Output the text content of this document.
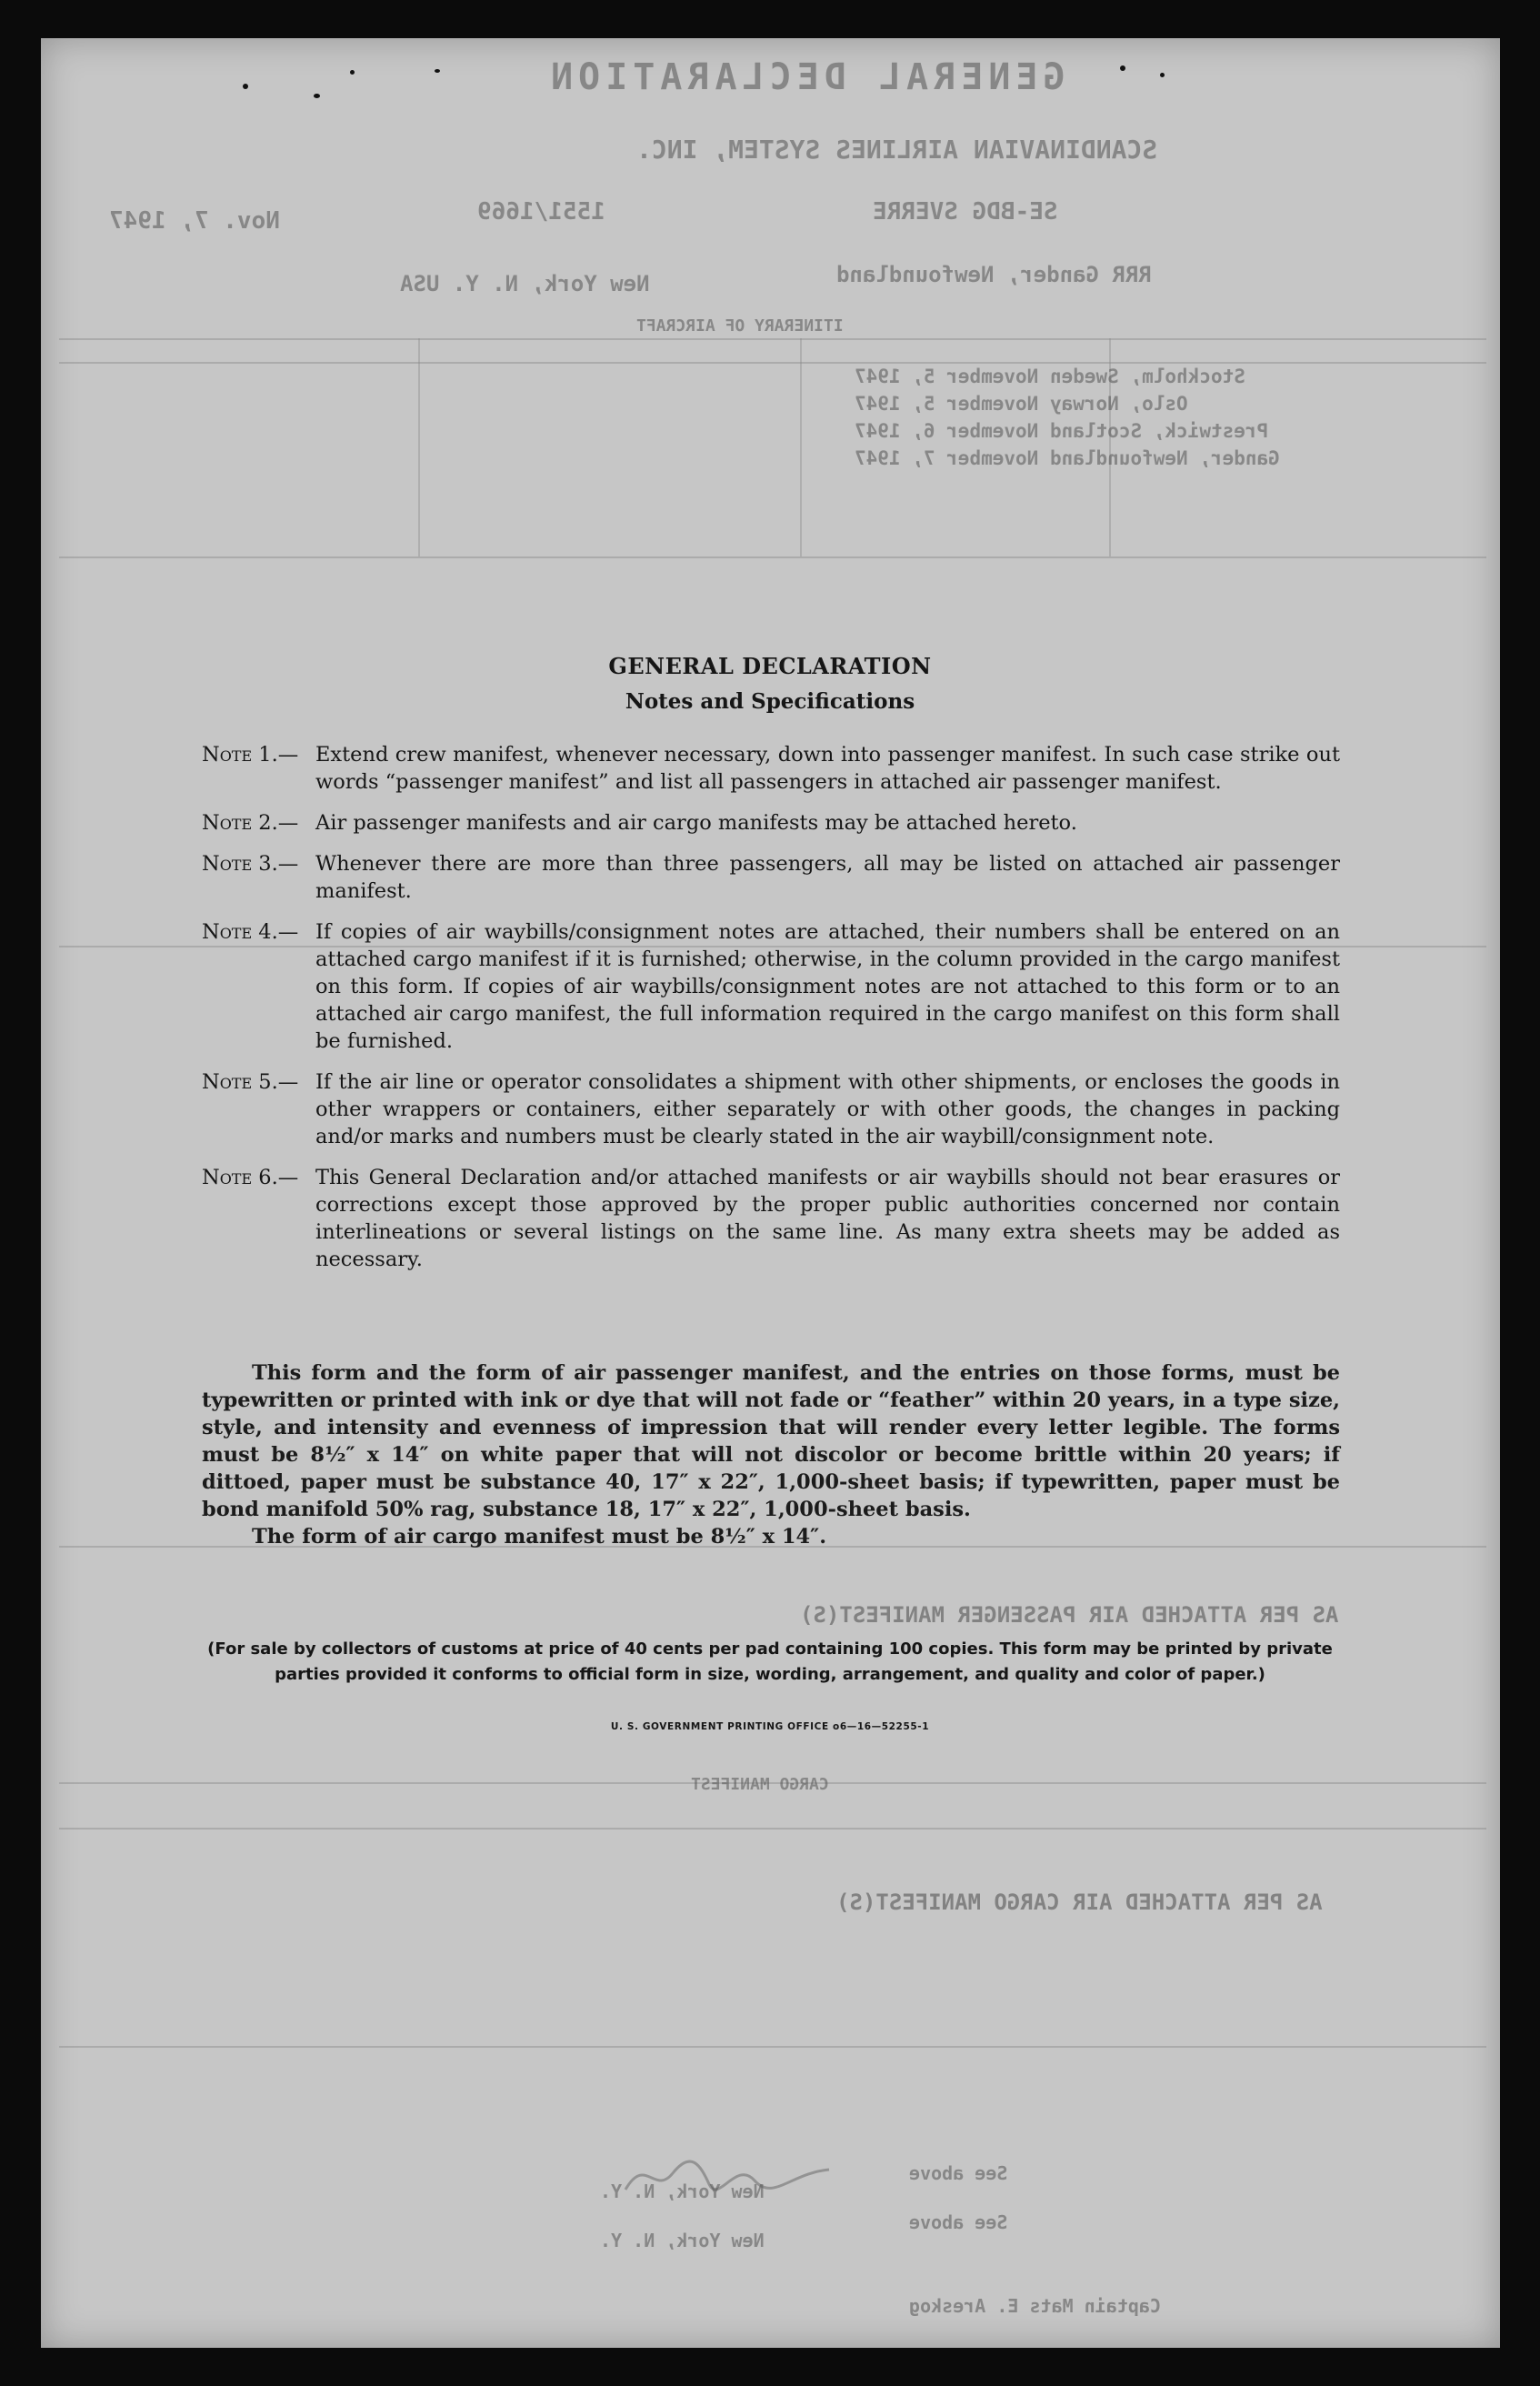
GENERAL DECLARATION
SCANDINAVIAN AIRLINES SYSTEM, INC.
SE-BDG SVERRE
1551/1669
Nov. 7, 1947
RRR Gander, Newfoundland
New York, N. Y. USA
ITINERARY OF AIRCRAFT
Stockholm, Sweden November 5, 1947
Oslo, Norway November 5, 1947
Prestwick, Scotland November 6, 1947
Gander, Newfoundland November 7, 1947
AS PER ATTACHED AIR PASSENGER MANIFEST(S)
CARGO MANIFEST
AS PER ATTACHED AIR CARGO MANIFEST(S)
See above
New York, N. Y.
See above
New York, N. Y.
Captain Mats E. Areskog
GENERAL DECLARATION
Notes and Specifications
Note 1.— Extend crew manifest, whenever necessary, down into passenger manifest. In such case strike out words “passenger manifest” and list all passengers in attached air passenger manifest.
Note 2.— Air passenger manifests and air cargo manifests may be attached hereto.
Note 3.— Whenever there are more than three passengers, all may be listed on attached air passenger manifest.
Note 4.— If copies of air waybills/consignment notes are attached, their numbers shall be entered on an attached cargo manifest if it is furnished; otherwise, in the column provided in the cargo manifest on this form. If copies of air waybills/consignment notes are not attached to this form or to an attached air cargo manifest, the full information required in the cargo manifest on this form shall be furnished.
Note 5.— If the air line or operator consolidates a shipment with other shipments, or encloses the goods in other wrappers or containers, either separately or with other goods, the changes in packing and/or marks and numbers must be clearly stated in the air waybill/consignment note.
Note 6.— This General Declaration and/or attached manifests or air waybills should not bear erasures or corrections except those approved by the proper public authorities concerned nor contain interlineations or several listings on the same line. As many extra sheets may be added as necessary.

This form and the form of air passenger manifest, and the entries on those forms, must be typewritten or printed with ink or dye that will not fade or “feather” within 20 years, in a type size, style, and intensity and evenness of impression that will render every letter legible. The forms must be 8½″ x 14″ on white paper that will not discolor or become brittle within 20 years; if dittoed, paper must be substance 40, 17″ x 22″, 1,000-sheet basis; if typewritten, paper must be bond manifold 50% rag, substance 18, 17″ x 22″, 1,000-sheet basis.

The form of air cargo manifest must be 8½″ x 14″.

(For sale by collectors of customs at price of 40 cents per pad containing 100 copies. This form may be printed by private parties provided it conforms to official form in size, wording, arrangement, and quality and color of paper.)
U. S. GOVERNMENT PRINTING OFFICE o6—16—52255-1
